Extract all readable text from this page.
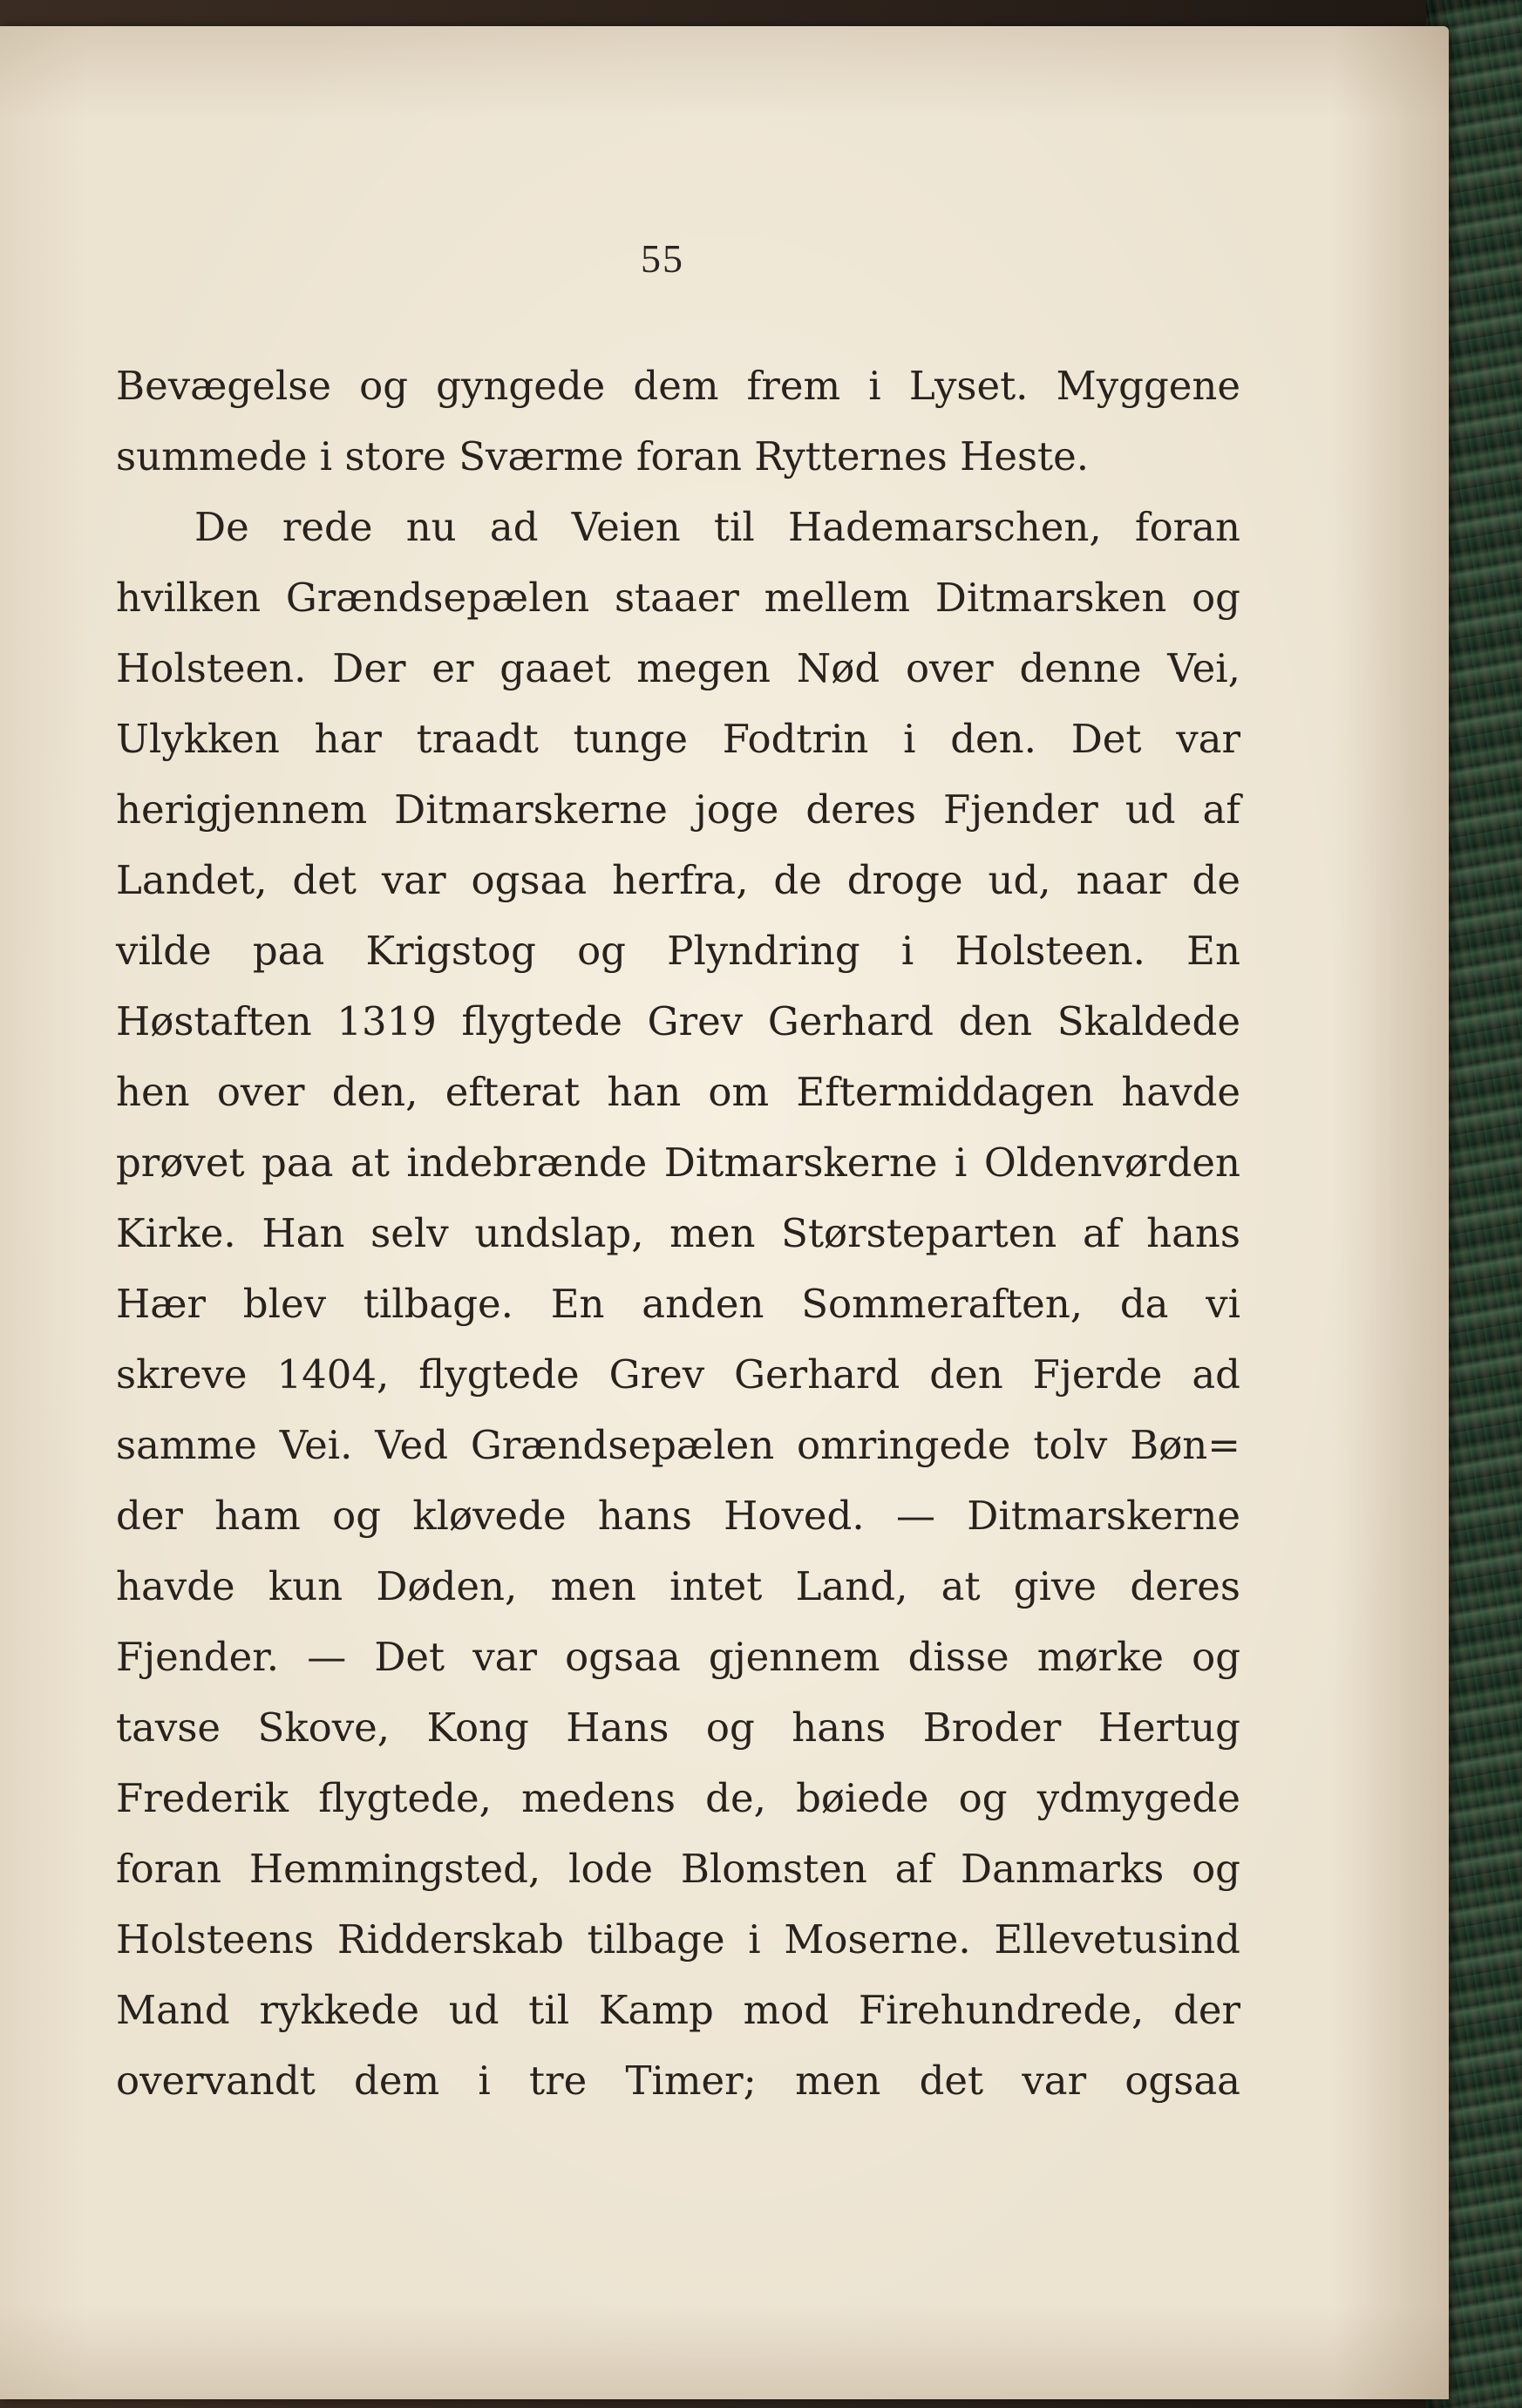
55
Bevægelse og gyngede dem frem i Lyset. Myggene
summede i store Sværme foran Rytternes Heste.
De rede nu ad Veien til Hademarschen, foran
hvilken Grændsepælen staaer mellem Ditmarsken og
Holsteen. Der er gaaet megen Nød over denne Vei,
Ulykken har traadt tunge Fodtrin i den. Det var
herigjennem Ditmarskerne joge deres Fjender ud af
Landet, det var ogsaa herfra, de droge ud, naar de
vilde paa Krigstog og Plyndring i Holsteen. En
Høstaften 1319 flygtede Grev Gerhard den Skaldede
hen over den, efterat han om Eftermiddagen havde
prøvet paa at indebrænde Ditmarskerne i Oldenvørden
Kirke. Han selv undslap, men Størsteparten af hans
Hær blev tilbage. En anden Sommeraften, da vi
skreve 1404, flygtede Grev Gerhard den Fjerde ad
samme Vei. Ved Grændsepælen omringede tolv Bøn=
der ham og kløvede hans Hoved. — Ditmarskerne
havde kun Døden, men intet Land, at give deres
Fjender. — Det var ogsaa gjennem disse mørke og
tavse Skove, Kong Hans og hans Broder Hertug
Frederik flygtede, medens de, bøiede og ydmygede
foran Hemmingsted, lode Blomsten af Danmarks og
Holsteens Ridderskab tilbage i Moserne. Ellevetusind
Mand rykkede ud til Kamp mod Firehundrede, der
overvandt dem i tre Timer; men det var ogsaa
